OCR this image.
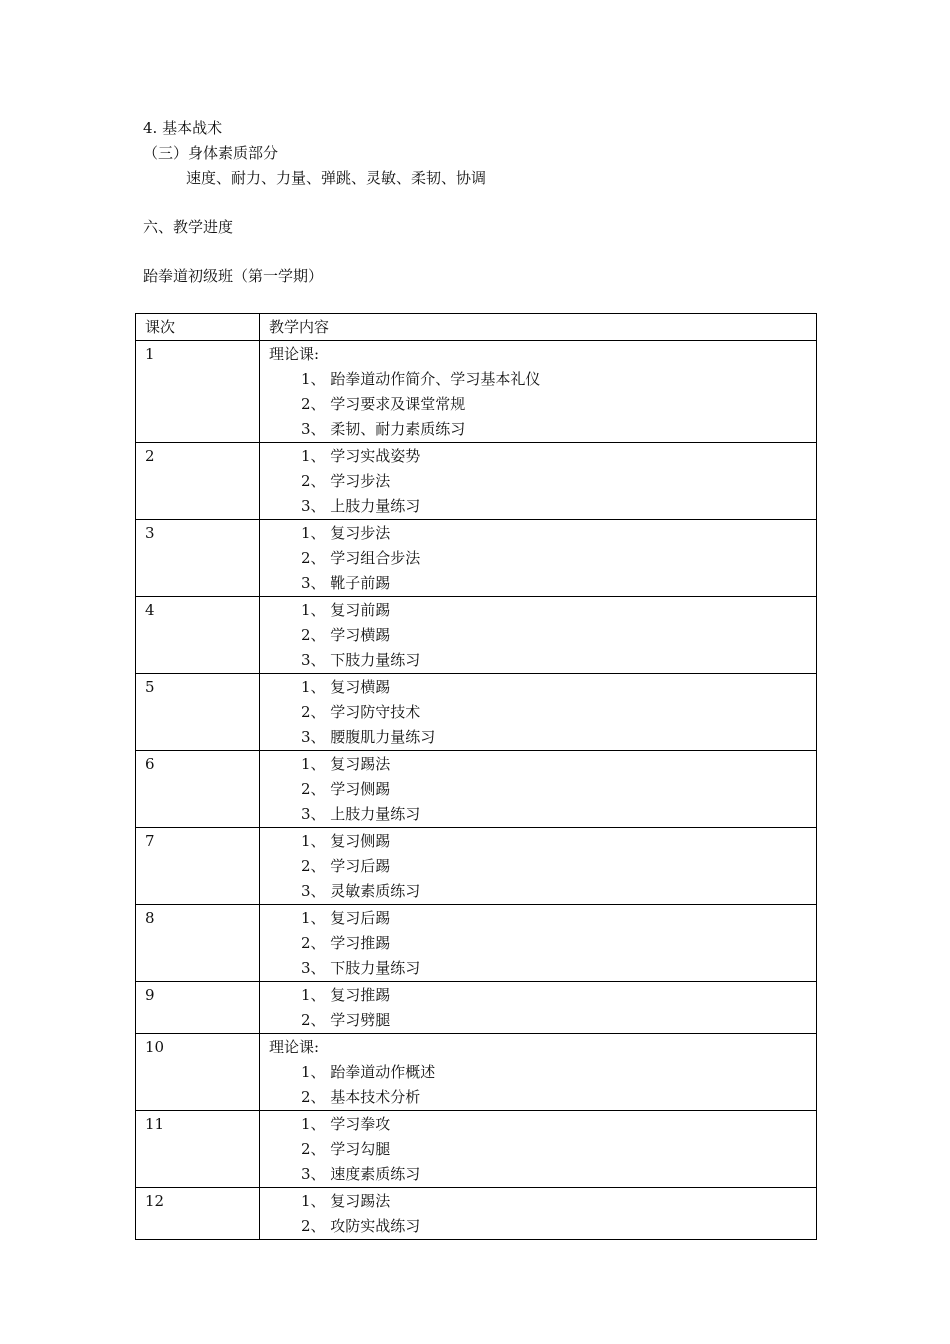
4. 基本战术
（三）身体素质部分
速度、耐力、力量、弹跳、灵敏、柔韧、协调
六、教学进度
跆拳道初级班（第一学期）
课次	教学内容
1	理论课:
1、 跆拳道动作简介、学习基本礼仪
2、 学习要求及课堂常规
3、 柔韧、耐力素质练习

2	1、 学习实战姿势
2、 学习步法
3、 上肢力量练习

3	1、 复习步法
2、 学习组合步法
3、 靴子前踢

4	1、 复习前踢
2、 学习横踢
3、 下肢力量练习

5	1、 复习横踢
2、 学习防守技术
3、 腰腹肌力量练习

6	1、 复习踢法
2、 学习侧踢
3、 上肢力量练习

7	1、 复习侧踢
2、 学习后踢
3、 灵敏素质练习

8	1、 复习后踢
2、 学习推踢
3、 下肢力量练习

9	1、 复习推踢
2、 学习劈腿

10	理论课:
1、 跆拳道动作概述
2、 基本技术分析

11	1、 学习拳攻
2、 学习勾腿
3、 速度素质练习

12	1、 复习踢法
2、 攻防实战练习
